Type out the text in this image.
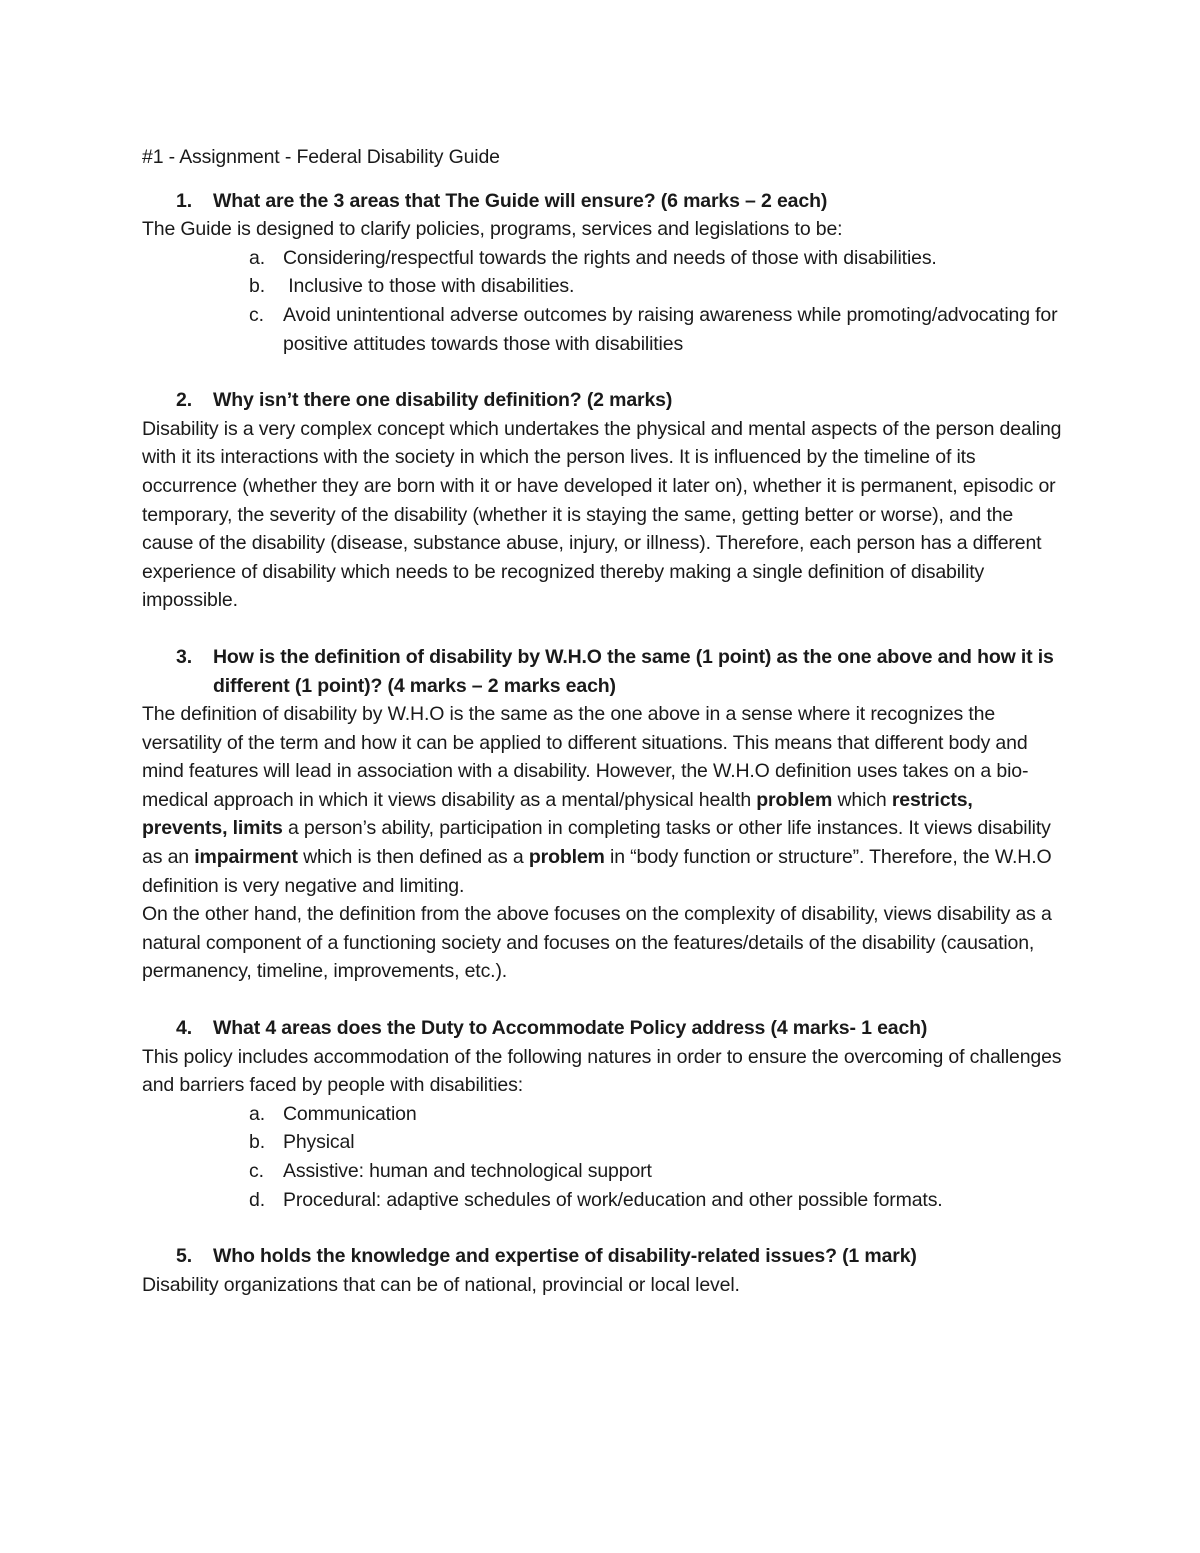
#1 - Assignment - Federal Disability Guide
1. What are the 3 areas that The Guide will ensure? (6 marks – 2 each)

The Guide is designed to clarify policies, programs, services and legislations to be:

a. Considering/respectful towards the rights and needs of those with disabilities.
b. Inclusive to those with disabilities.
c. Avoid unintentional adverse outcomes by raising awareness while promoting/advocating for positive attitudes towards those with disabilities
2. Why isn’t there one disability definition? (2 marks)

Disability is a very complex concept which undertakes the physical and mental aspects of the person dealing with it its interactions with the society in which the person lives. It is influenced by the timeline of its occurrence (whether they are born with it or have developed it later on), whether it is permanent, episodic or temporary, the severity of the disability (whether it is staying the same, getting better or worse), and the cause of the disability (disease, substance abuse, injury, or illness). Therefore, each person has a different experience of disability which needs to be recognized thereby making a single definition of disability impossible.

3. How is the definition of disability by W.H.O the same (1 point) as the one above and how it is different (1 point)? (4 marks – 2 marks each)

The definition of disability by W.H.O is the same as the one above in a sense where it recognizes the versatility of the term and how it can be applied to different situations. This means that different body and mind features will lead in association with a disability. However, the W.H.O definition uses takes on a bio-medical approach in which it views disability as a mental/physical health problem which restricts, prevents, limits a person’s ability, participation in completing tasks or other life instances. It views disability as an impairment which is then defined as a problem in “body function or structure”. Therefore, the W.H.O definition is very negative and limiting.

On the other hand, the definition from the above focuses on the complexity of disability, views disability as a natural component of a functioning society and focuses on the features/details of the disability (causation, permanency, timeline, improvements, etc.).

4. What 4 areas does the Duty to Accommodate Policy address (4 marks- 1 each)

This policy includes accommodation of the following natures in order to ensure the overcoming of challenges and barriers faced by people with disabilities:

a. Communication
b. Physical
c. Assistive: human and technological support
d. Procedural: adaptive schedules of work/education and other possible formats.
5. Who holds the knowledge and expertise of disability-related issues? (1 mark)

Disability organizations that can be of national, provincial or local level.
